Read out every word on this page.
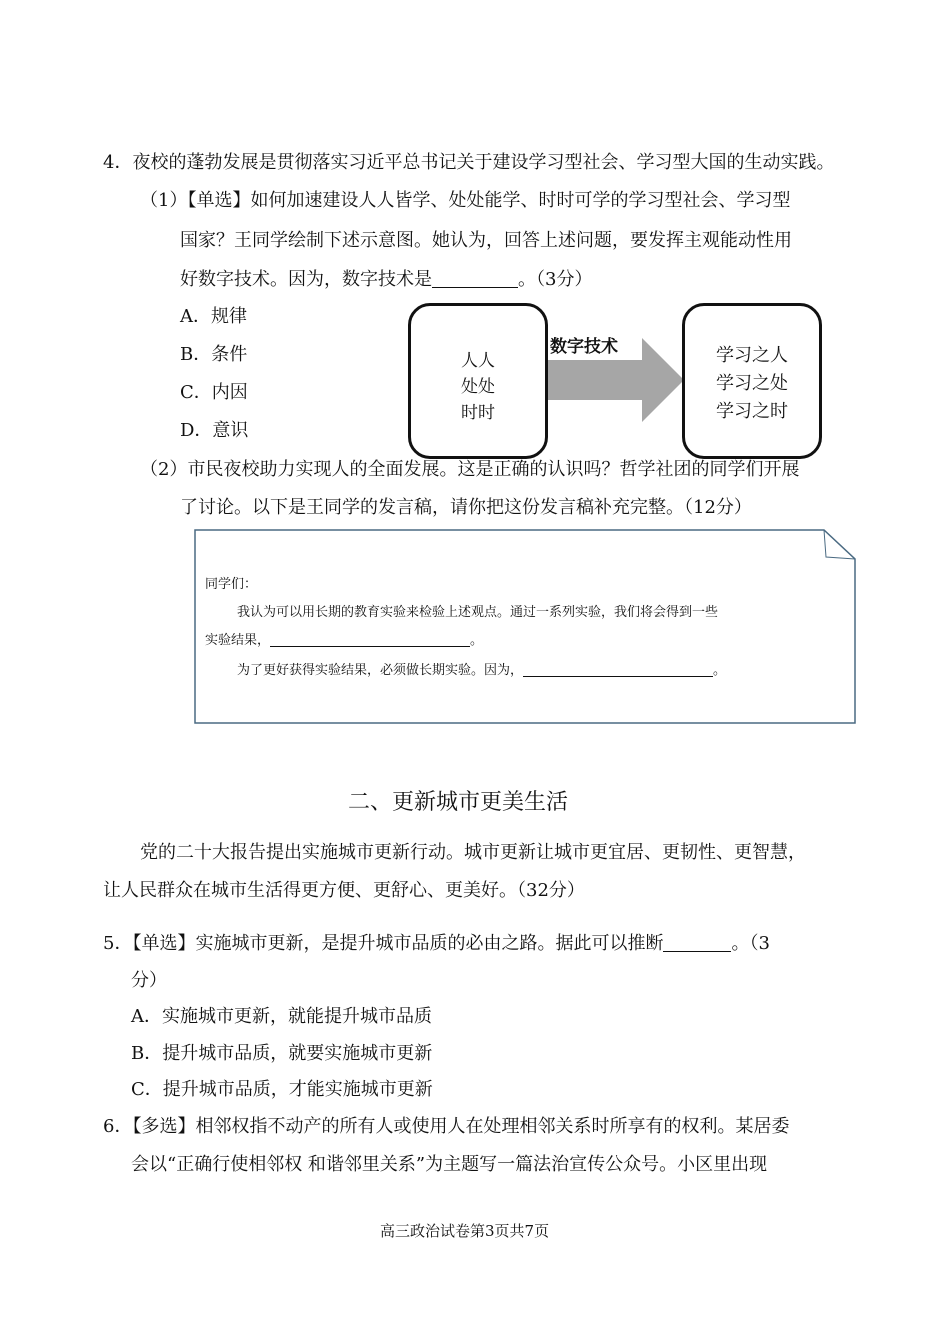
4．夜校的蓬勃发展是贯彻落实习近平总书记关于建设学习型社会、学习型大国的生动实践。
（1）【单选】如何加速建设人人皆学、处处能学、时时可学的学习型社会、学习型
国家？王同学绘制下述示意图。她认为，回答上述问题，要发挥主观能动性用
好数字技术。因为，数字技术是	。（3分）
A．规律
B．条件
C．内因
D．意识
数字技术
人人
处处
时时
学习之人
学习之处
学习之时
（2）市民夜校助力实现人的全面发展。这是正确的认识吗？哲学社团的同学们开展
了讨论。以下是王同学的发言稿，请你把这份发言稿补充完整。（12分）
同学们：
我认为可以用长期的教育实验来检验上述观点。通过一系列实验，我们将会得到一些
实验结果，	。
为了更好获得实验结果，必须做长期实验。因为，	。
二、更新城市更美生活
党的二十大报告提出实施城市更新行动。城市更新让城市更宜居、更韧性、更智慧，
让人民群众在城市生活得更方便、更舒心、更美好。（32分）
5．【单选】实施城市更新，是提升城市品质的必由之路。据此可以推断	。（3
分）
A．实施城市更新，就能提升城市品质
B．提升城市品质，就要实施城市更新
C．提升城市品质，才能实施城市更新
6．【多选】相邻权指不动产的所有人或使用人在处理相邻关系时所享有的权利。某居委
会以“正确行使相邻权 和谐邻里关系”为主题写一篇法治宣传公众号。小区里出现
高三政治试卷第3页共7页
